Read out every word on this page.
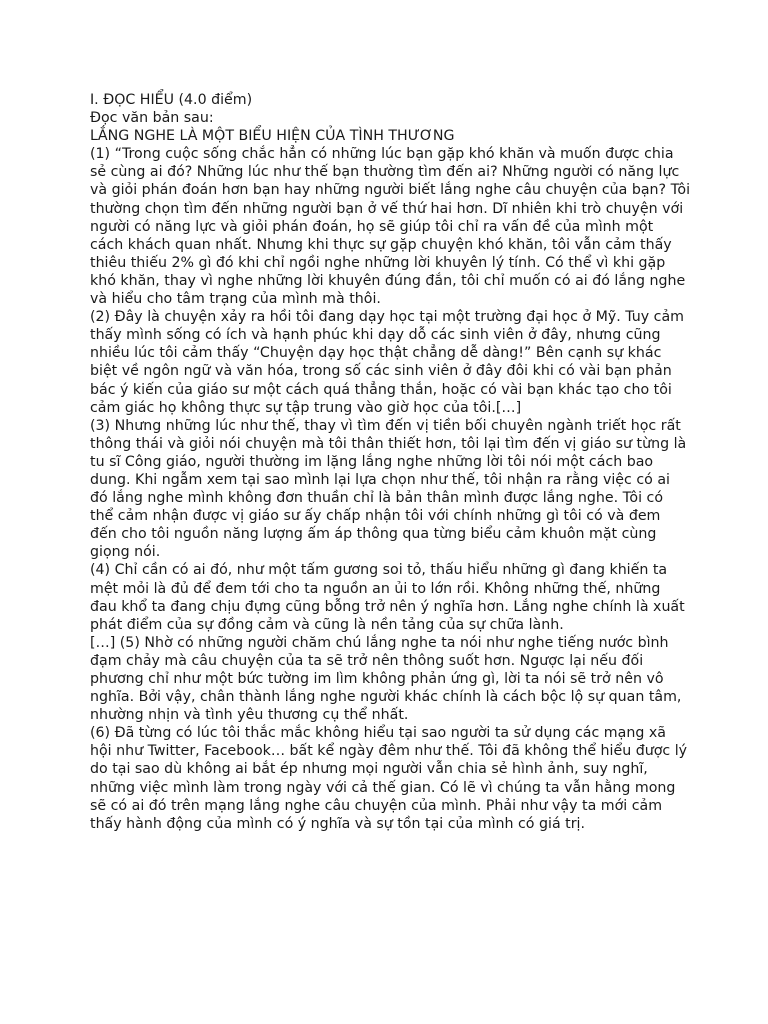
I. ĐỌC HIỂU (4.0 điểm)

Đọc văn bản sau:

LẮNG NGHE LÀ MỘT BIỂU HIỆN CỦA TÌNH THƯƠNG

(1) “Trong cuộc sống chắc hẳn có những lúc bạn gặp khó khăn và muốn được chia sẻ cùng ai đó? Những lúc như thế bạn thường tìm đến ai? Những người có năng lực và giỏi phán đoán hơn bạn hay những người biết lắng nghe câu chuyện của bạn? Tôi thường chọn tìm đến những người bạn ở vế thứ hai hơn. Dĩ nhiên khi trò chuyện với người có năng lực và giỏi phán đoán, họ sẽ giúp tôi chỉ ra vấn đề của mình một cách khách quan nhất. Nhưng khi thực sự gặp chuyện khó khăn, tôi vẫn cảm thấy thiêu thiếu 2% gì đó khi chỉ ngồi nghe những lời khuyên lý tính. Có thể vì khi gặp khó khăn, thay vì nghe những lời khuyên đúng đắn, tôi chỉ muốn có ai đó lắng nghe và hiểu cho tâm trạng của mình mà thôi.

(2) Đây là chuyện xảy ra hồi tôi đang dạy học tại một trường đại học ở Mỹ. Tuy cảm thấy mình sống có ích và hạnh phúc khi dạy dỗ các sinh viên ở đây, nhưng cũng nhiều lúc tôi cảm thấy “Chuyện dạy học thật chẳng dễ dàng!” Bên cạnh sự khác biệt về ngôn ngữ và văn hóa, trong số các sinh viên ở đây đôi khi có vài bạn phản bác ý kiến của giáo sư một cách quá thẳng thắn, hoặc có vài bạn khác tạo cho tôi cảm giác họ không thực sự tập trung vào giờ học của tôi.[…]

(3) Nhưng những lúc như thế, thay vì tìm đến vị tiền bối chuyên ngành triết học rất thông thái và giỏi nói chuyện mà tôi thân thiết hơn, tôi lại tìm đến vị giáo sư từng là tu sĩ Công giáo, người thường im lặng lắng nghe những lời tôi nói một cách bao dung. Khi ngẫm xem tại sao mình lại lựa chọn như thế, tôi nhận ra rằng việc có ai đó lắng nghe mình không đơn thuần chỉ là bản thân mình được lắng nghe. Tôi có thể cảm nhận được vị giáo sư ấy chấp nhận tôi với chính những gì tôi có và đem đến cho tôi nguồn năng lượng ấm áp thông qua từng biểu cảm khuôn mặt cùng giọng nói.

(4) Chỉ cần có ai đó, như một tấm gương soi tỏ, thấu hiểu những gì đang khiến ta mệt mỏi là đủ để đem tới cho ta nguồn an ủi to lớn rồi. Không những thế, những đau khổ ta đang chịu đựng cũng bỗng trở nên ý nghĩa hơn. Lắng nghe chính là xuất phát điểm của sự đồng cảm và cũng là nền tảng của sự chữa lành.

[…] (5) Nhờ có những người chăm chú lắng nghe ta nói như nghe tiếng nước bình đạm chảy mà câu chuyện của ta sẽ trở nên thông suốt hơn. Ngược lại nếu đối phương chỉ như một bức tường im lìm không phản ứng gì, lời ta nói sẽ trở nên vô nghĩa. Bởi vậy, chân thành lắng nghe người khác chính là cách bộc lộ sự quan tâm, nhường nhịn và tình yêu thương cụ thể nhất.

(6) Đã từng có lúc tôi thắc mắc không hiểu tại sao người ta sử dụng các mạng xã hội như Twitter, Facebook… bất kể ngày đêm như thế. Tôi đã không thể hiểu được lý do tại sao dù không ai bắt ép nhưng mọi người vẫn chia sẻ hình ảnh, suy nghĩ, những việc mình làm trong ngày với cả thế gian. Có lẽ vì chúng ta vẫn hằng mong sẽ có ai đó trên mạng lắng nghe câu chuyện của mình. Phải như vậy ta mới cảm thấy hành động của mình có ý nghĩa và sự tồn tại của mình có giá trị.
